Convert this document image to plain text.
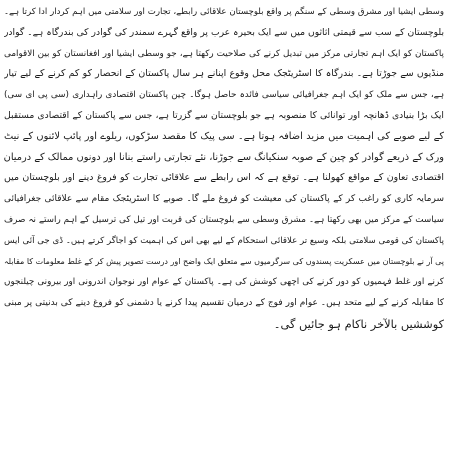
وسطی ایشیا اور مشرق وسطی کے سنگم پر واقع بلوچستان علاقائی رابطے، تجارت اور سلامتی میں اہم کردار ادا کرتا ہے۔
بلوچستان کے سب سے قیمتی اثاثوں میں سے ایک بحیرہ عرب پر واقع گہرے سمندر کی گوادر کی بندرگاہ ہے۔ گوادر
پاکستان کو ایک اہم تجارتی مرکز میں تبدیل کرنے کی صلاحیت رکھتا ہے، جو وسطی ایشیا اور افغانستان کو بین الاقوامی
منڈیوں سے جوڑتا ہے۔ بندرگاہ کا اسٹریٹجک محل وقوع اپنانے ہر سال پاکستان کے انحصار کو کم کرنے کے لیے تیار
ہے، جس سے ملک کو ایک اہم جغرافیائی سیاسی فائدہ حاصل ہوگا۔ چین پاکستان اقتصادی راہداری (سی پی ای سی)
ایک بڑا بنیادی ڈھانچہ اور توانائی کا منصوبہ ہے جو بلوچستان سے گزرتا ہے، جس سے پاکستان کے اقتصادی مستقبل
کے لیے صوبے کی اہمیت میں مزید اضافہ ہوتا ہے۔ سی پیک کا مقصد سڑکوں، ریلوے اور پائپ لائنوں کے نیٹ
ورک کے ذریعے گوادر کو چین کے صوبہ سنکیانگ سے جوڑنا، نئے تجارتی راستے بنانا اور دونوں ممالک کے درمیان
اقتصادی تعاون کے مواقع کھولنا ہے۔ توقع ہے کہ اس رابطے سے علاقائی تجارت کو فروغ دینے اور بلوچستان میں
سرمایہ کاری کو راغب کر کے پاکستان کی معیشت کو فروغ ملے گا۔ صوبے کا اسٹریٹجک مقام سے علاقائی جغرافیائی
سیاست کے مرکز میں بھی رکھتا ہے۔ مشرق وسطی سے بلوچستان کی قربت اور تیل کی ترسیل کے اہم راستے نہ صرف
پاکستان کی قومی سلامتی بلکہ وسیع تر علاقائی استحکام کے لیے بھی اس کی اہمیت کو اجاگر کرتے ہیں۔ ڈی جی آئی ایس
پی آر نے بلوچستان میں عسکریت پسندوں کی سرگرمیوں سے متعلق ایک واضح اور درست تصویر پیش کر کے غلط معلومات کا مقابلہ
کرنے اور غلط فہمیوں کو دور کرنے کی اچھی کوشش کی ہے۔ پاکستان کے عوام اور نوجوان اندرونی اور بیرونی چیلنجوں
کا مقابلہ کرنے کے لیے متحد ہیں۔ عوام اور فوج کے درمیان تقسیم پیدا کرنے یا دشمنی کو فروغ دینے کی بدنیتی پر مبنی
کوششیں بالآخر ناکام ہو جائیں گی۔
